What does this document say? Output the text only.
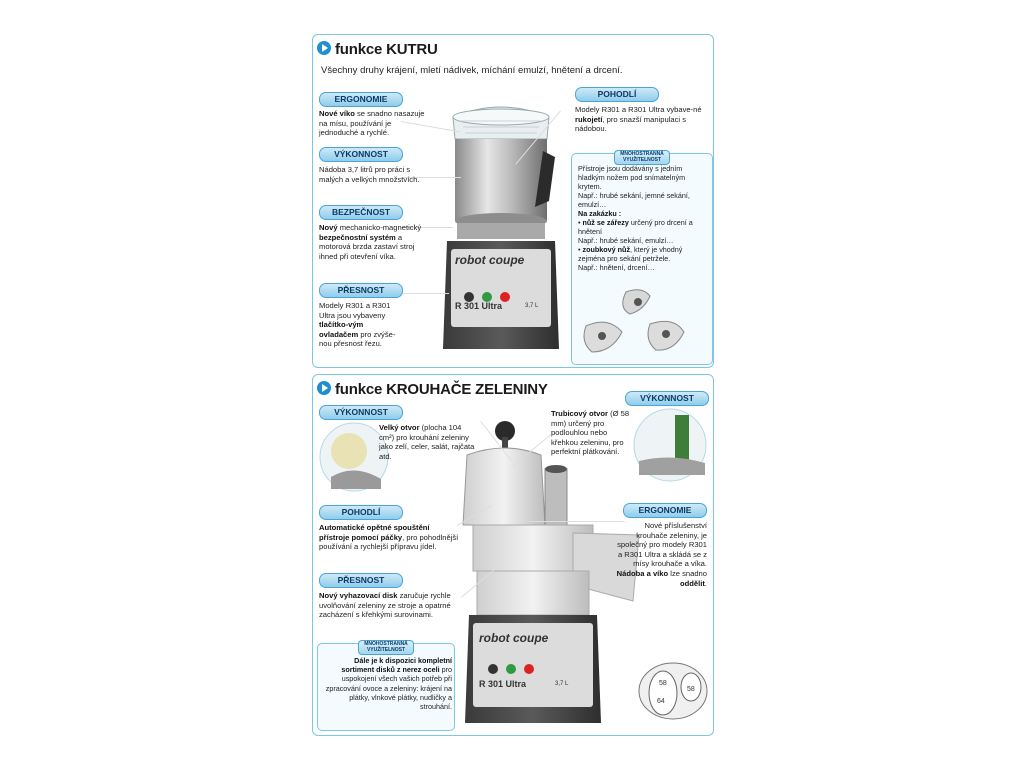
funkce KUTRU
Všechny druhy krájení, mletí nádivek, míchání emulzí, hnětení a drcení.
robot coupe
R 301 Ultra	3,7 L
ERGONOMIE
Nové víko se snadno nasazuje na mísu, používání je jednoduché a rychlé.
VÝKONNOST
Nádoba 3,7 litrů pro práci s malých a velkých množstvích.
BEZPEČNOST
Nový mechanicko-magnetický bezpečnostní systém a motorová brzda zastaví stroj ihned při otevření víka.
PŘESNOST
Modely R301 a R301 Ultra jsou vybaveny tlačítko-vým ovladačem pro zvýše-nou přesnost řezu.
POHODLÍ
Modely R301 a R301 Ultra vybave-né rukojetí, pro snazší manipulaci s nádobou.
MNOHOSTRANNÁ VYUŽITELNOST
Přístroje jsou dodávány s jedním hladkým nožem pod snímatelným krytem.
Např.: hrubé sekání, jemné sekání, emulzí…
Na zakázku :
• nůž se zářezy určený pro drcení a hnětení
Např.: hrubé sekání, emulzí…
• zoubkový nůž, který je vhodný zejména pro sekání petržele.
Např.: hnětení, drcení…
funkce KROUHAČE ZELENINY
robot coupe
R 301 Ultra	3,7 L	58
64
58
VÝKONNOST
Velký otvor (plocha 104 cm²) pro krouhání zeleniny jako zelí, celer, salát, rajčata atd.
VÝKONNOST
Trubicový otvor (Ø 58 mm) určený pro podlouhlou nebo křehkou zeleninu, pro perfektní plátkování.
POHODLÍ
Automatické opětné spouštění přístroje pomocí páčky, pro pohodlnější používání a rychlejší přípravu jídel.
PŘESNOST
Nový vyhazovací disk zaručuje rychle uvolňování zeleniny ze stroje a opatrné zacházení s křehkými surovinami.
ERGONOMIE
Nové příslušenství krouhače zeleniny, je společný pro modely R301 a R301 Ultra a skládá se z mísy krouhače a víka. Nádoba a víko lze snadno oddělit.
MNOHOSTRANNÁ VYUŽITELNOST
Dále je k dispozici kompletní sortiment disků z nerez oceli pro uspokojení všech vašich potřeb při zpracování ovoce a zeleniny: krájení na plátky, vlnkové plátky, nudličky a strouhání.
